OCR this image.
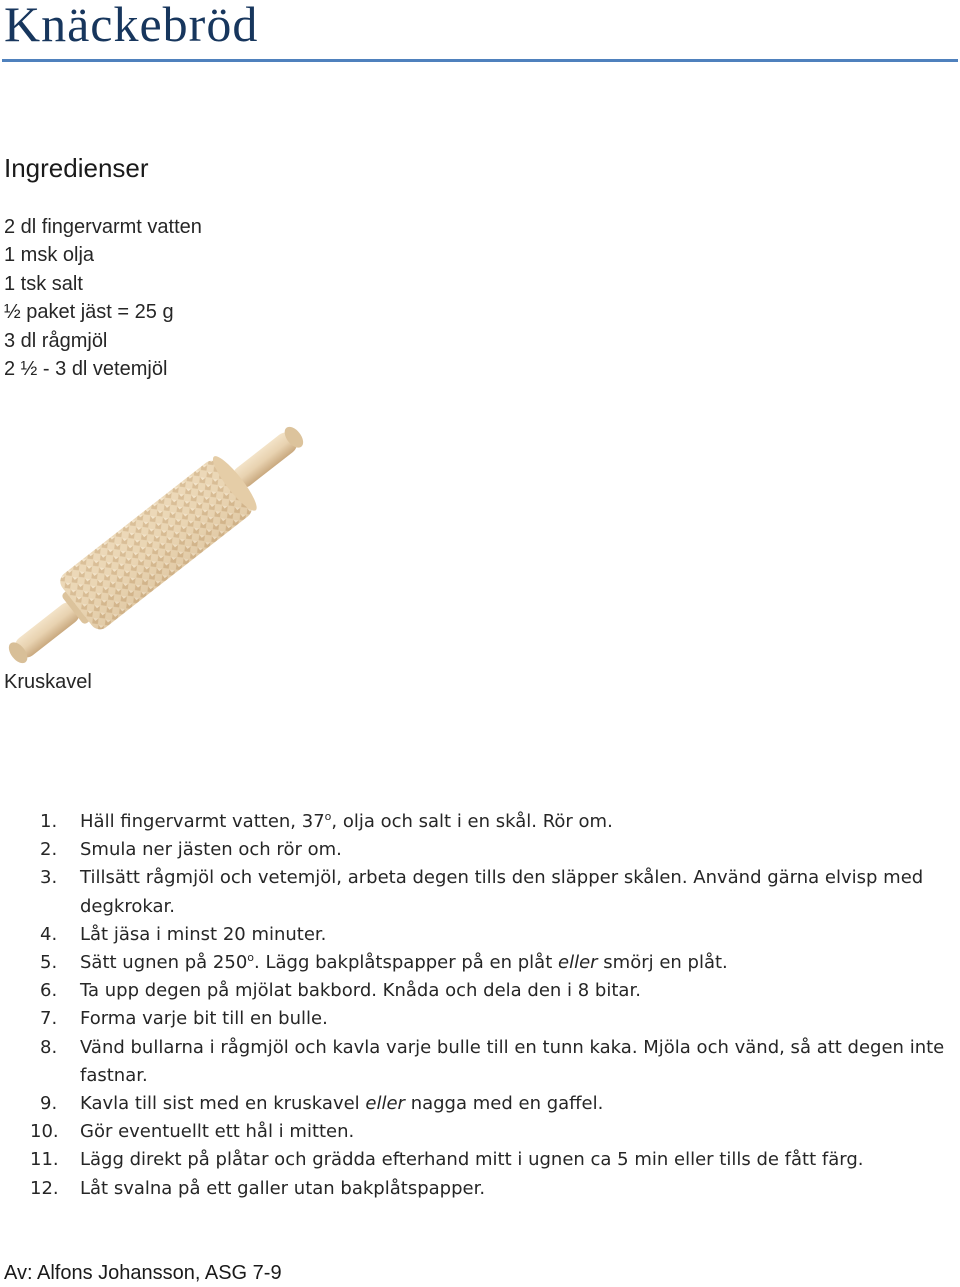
Knäckebröd
Ingredienser
2 dl fingervarmt vatten
1 msk olja
1 tsk salt
½ paket jäst = 25 g
3 dl rågmjöl
2 ½ - 3 dl vetemjöl
Kruskavel
1. Häll fingervarmt vatten, 37$^o$, olja och salt i en skål. Rör om.
2. Smula ner jästen och rör om.
3. Tillsätt rågmjöl och vetemjöl, arbeta degen tills den släpper skålen. Använd gärna elvisp med degkrokar.
4. Låt jäsa i minst 20 minuter.
5. Sätt ugnen på 250$^o$. Lägg bakplåtspapper på en plåt eller smörj en plåt.
6. Ta upp degen på mjölat bakbord. Knåda och dela den i 8 bitar.
7. Forma varje bit till en bulle.
8. Vänd bullarna i rågmjöl och kavla varje bulle till en tunn kaka. Mjöla och vänd, så att degen inte fastnar.
9. Kavla till sist med en kruskavel eller nagga med en gaffel.
10. Gör eventuellt ett hål i mitten.
11. Lägg direkt på plåtar och grädda efterhand mitt i ugnen ca 5 min eller tills de fått färg.
12. Låt svalna på ett galler utan bakplåtspapper.
Av: Alfons Johansson, ASG 7-9
